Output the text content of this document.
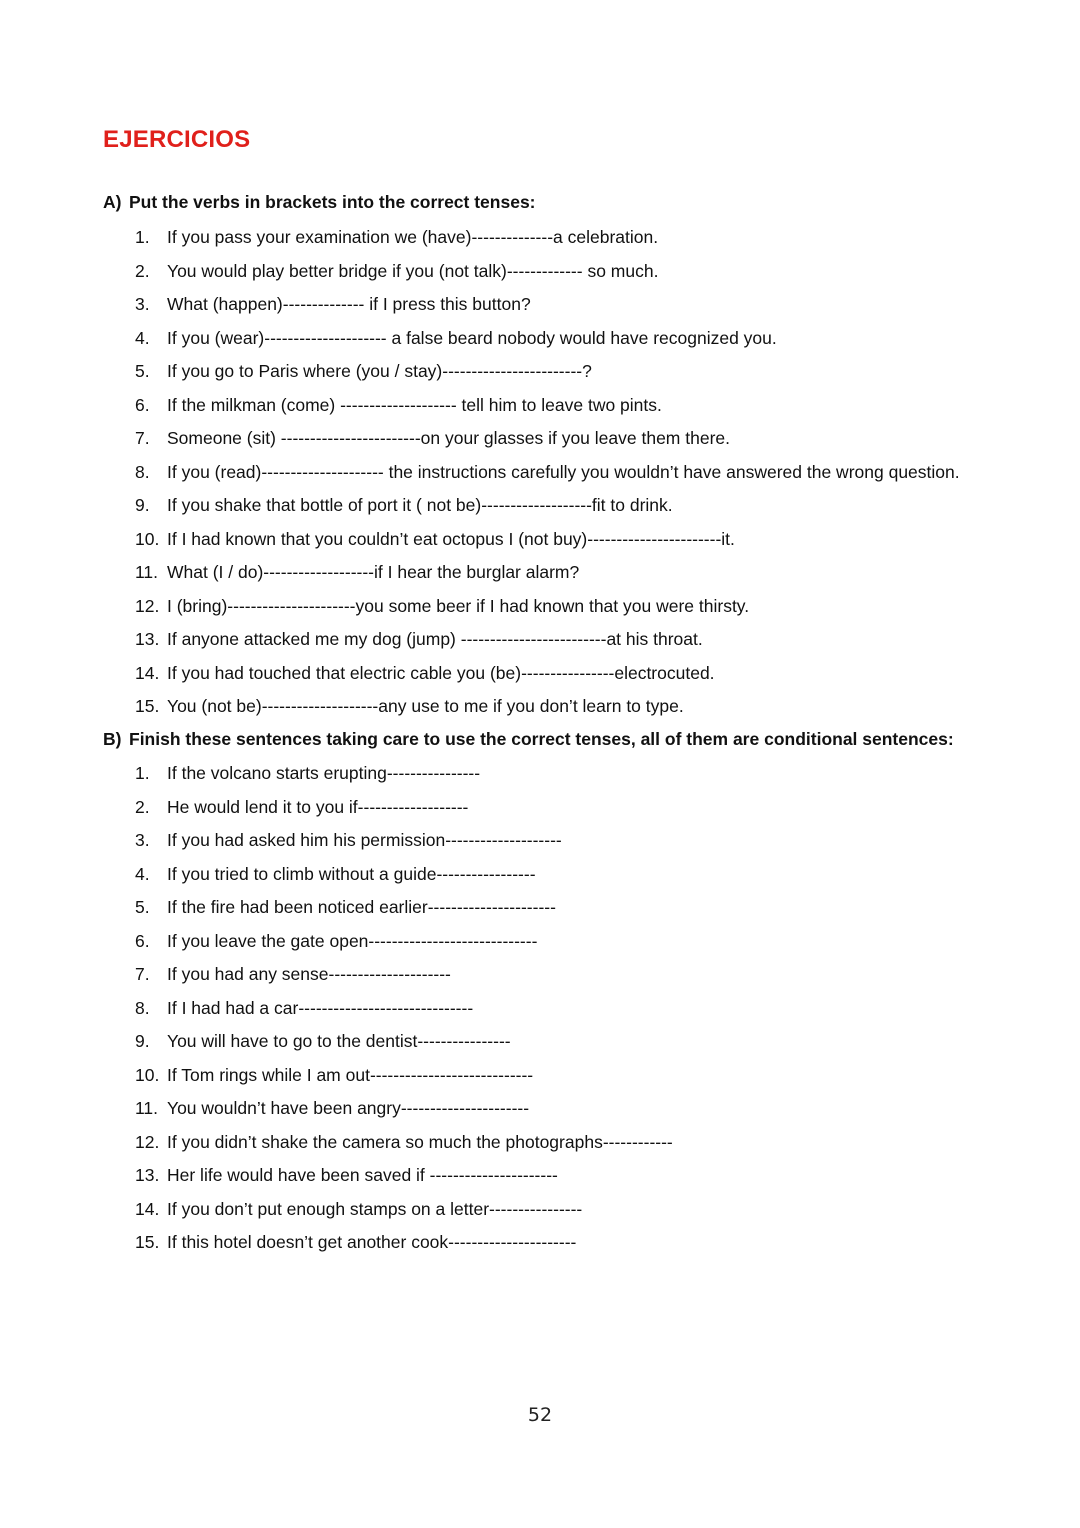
EJERCICIOS
A) Put the verbs in brackets into the correct tenses:
1. If you pass your examination we (have)--------------a celebration.
2. You would play better bridge if you (not talk)------------- so much.
3. What (happen)-------------- if I press this button?
4. If you (wear)--------------------- a false beard nobody would have recognized you.
5. If you go to Paris where (you / stay)------------------------?
6. If the milkman (come) -------------------- tell him to leave two pints.
7. Someone (sit) ------------------------on your glasses if you leave them there.
8. If you (read)--------------------- the instructions carefully you wouldn’t have answered the wrong question.
9. If you shake that bottle of port it ( not be)-------------------fit to drink.
10. If I had known that you couldn’t eat octopus I (not buy)-----------------------it.
11. What (I / do)-------------------if I hear the burglar alarm?
12. I (bring)----------------------you some beer if I had known that you were thirsty.
13. If anyone attacked me my dog (jump) -------------------------at his throat.
14. If you had touched that electric cable you (be)----------------electrocuted.
15. You (not be)--------------------any use to me if you don’t learn to type.
B) Finish these sentences taking care to use the correct tenses, all of them are conditional sentences:
1. If the volcano starts erupting----------------
2. He would lend it to you if-------------------
3. If you had asked him his permission--------------------
4. If you tried to climb without a guide-----------------
5. If the fire had been noticed earlier----------------------
6. If you leave the gate open-----------------------------
7. If you had any sense---------------------
8. If I had had a car------------------------------
9. You will have to go to the dentist----------------
10. If Tom rings while I am out----------------------------
11. You wouldn’t have been angry----------------------
12. If you didn’t shake the camera so much the photographs------------
13. Her life would have been saved if ----------------------
14. If you don’t put enough stamps on a letter----------------
15. If this hotel doesn’t get another cook----------------------
52
